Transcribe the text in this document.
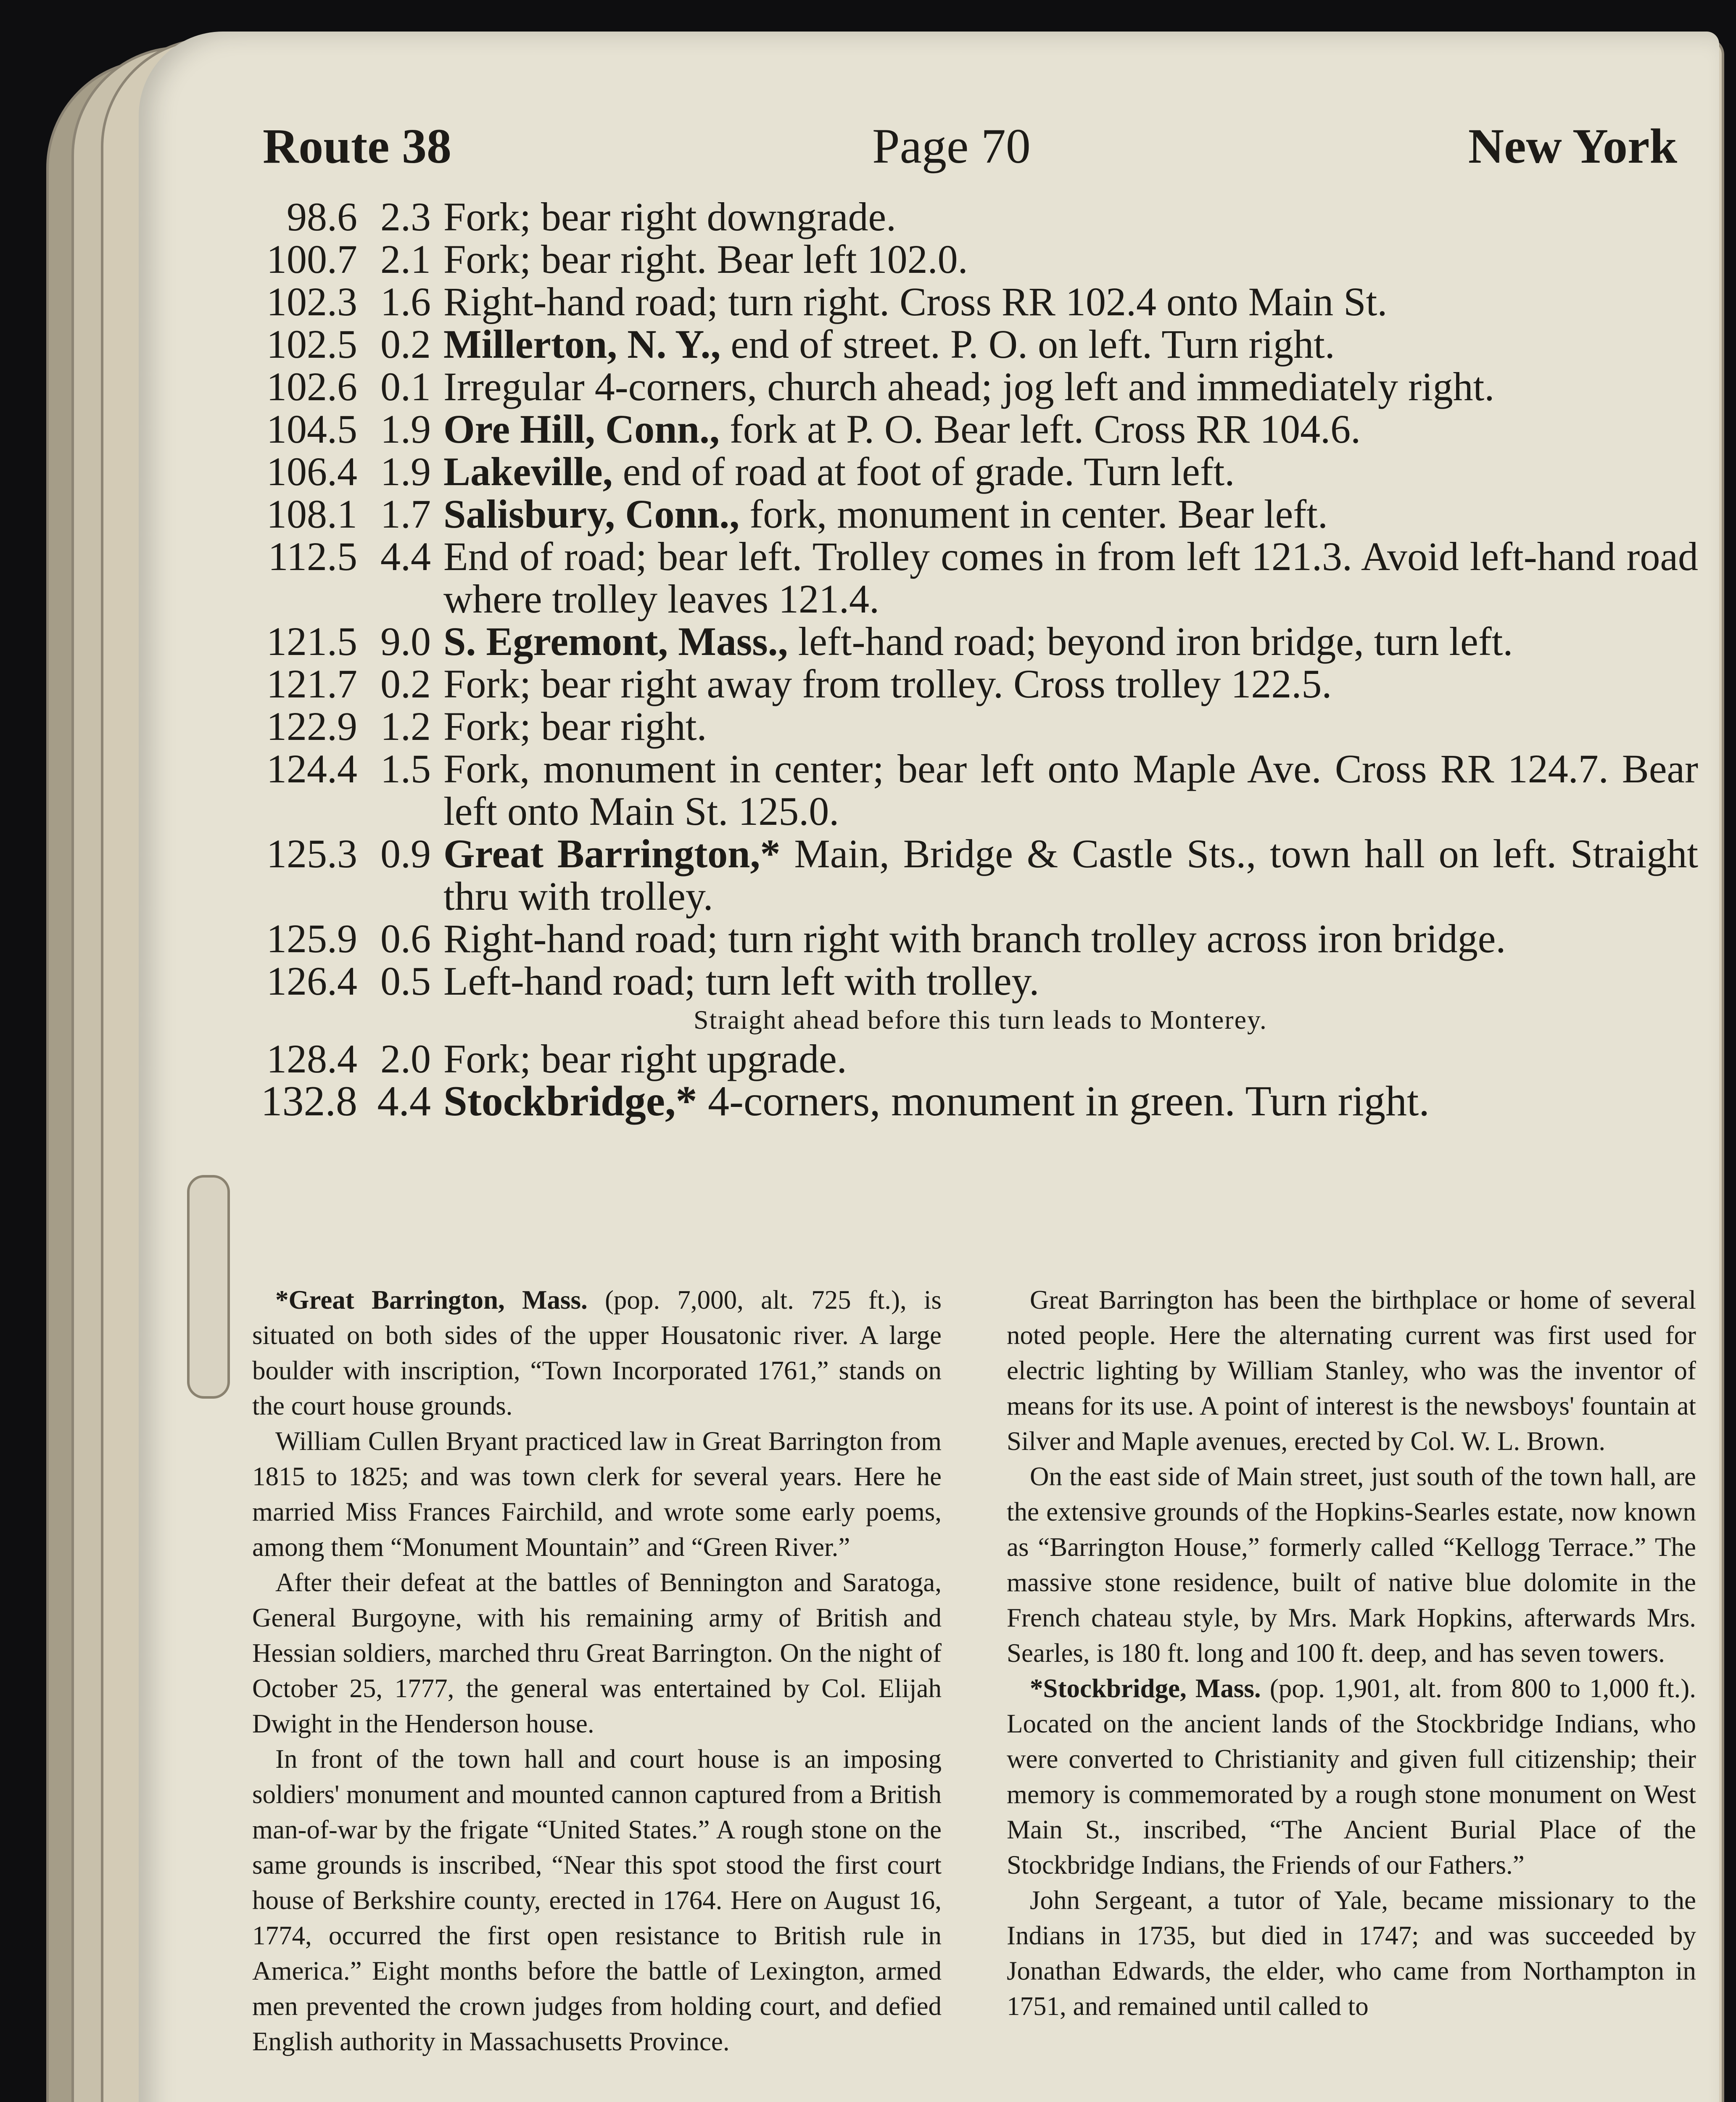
Route 38	Page 70	New York
98.6 2.3 Fork; bear right downgrade.
100.7 2.1 Fork; bear right. Bear left 102.0.
102.3 1.6 Right-hand road; turn right. Cross RR 102.4 onto Main St.
102.5 0.2 Millerton, N. Y., end of street. P. O. on left. Turn right.
102.6 0.1 Irregular 4-corners, church ahead; jog left and immediately right.
104.5 1.9 Ore Hill, Conn., fork at P. O. Bear left. Cross RR 104.6.
106.4 1.9 Lakeville, end of road at foot of grade. Turn left.
108.1 1.7 Salisbury, Conn., fork, monument in center. Bear left.
112.5 4.4 End of road; bear left. Trolley comes in from left 121.3. Avoid left-hand road where trolley leaves 121.4.
121.5 9.0 S. Egremont, Mass., left-hand road; beyond iron bridge, turn left.
121.7 0.2 Fork; bear right away from trolley. Cross trolley 122.5.
122.9 1.2 Fork; bear right.
124.4 1.5 Fork, monument in center; bear left onto Maple Ave. Cross RR 124.7. Bear left onto Main St. 125.0.
125.3 0.9 Great Barrington,* Main, Bridge & Castle Sts., town hall on left. Straight thru with trolley.
125.9 0.6 Right-hand road; turn right with branch trolley across iron bridge.
126.4 0.5 Left-hand road; turn left with trolley.
Straight ahead before this turn leads to Monterey.
128.4 2.0 Fork; bear right upgrade.
132.8 4.4 Stockbridge,* 4-corners, monument in green. Turn right.

*Great Barrington, Mass. (pop. 7,000, alt. 725 ft.), is situated on both sides of the upper Housatonic river. A large boulder with inscription, “Town Incorporated 1761,” stands on the court house grounds.

William Cullen Bryant practiced law in Great Barrington from 1815 to 1825; and was town clerk for several years. Here he married Miss Frances Fairchild, and wrote some early poems, among them “Monument Mountain” and “Green River.”

After their defeat at the battles of Bennington and Saratoga, General Burgoyne, with his remaining army of British and Hessian soldiers, marched thru Great Barrington. On the night of October 25, 1777, the general was entertained by Col. Elijah Dwight in the Henderson house.

In front of the town hall and court house is an imposing soldiers' monument and mounted cannon captured from a British man-of-war by the frigate “United States.” A rough stone on the same grounds is inscribed, “Near this spot stood the first court house of Berkshire county, erected in 1764. Here on August 16, 1774, occurred the first open resistance to British rule in America.” Eight months before the battle of Lexington, armed men prevented the crown judges from holding court, and defied English authority in Massachusetts Province.

Great Barrington has been the birthplace or home of several noted people. Here the alternating current was first used for electric lighting by William Stanley, who was the inventor of means for its use. A point of interest is the newsboys' fountain at Silver and Maple avenues, erected by Col. W. L. Brown.

On the east side of Main street, just south of the town hall, are the extensive grounds of the Hopkins-Searles estate, now known as “Barrington House,” formerly called “Kellogg Terrace.” The massive stone residence, built of native blue dolomite in the French chateau style, by Mrs. Mark Hopkins, afterwards Mrs. Searles, is 180 ft. long and 100 ft. deep, and has seven towers.

*Stockbridge, Mass. (pop. 1,901, alt. from 800 to 1,000 ft.). Located on the ancient lands of the Stockbridge Indians, who were converted to Christianity and given full citizenship; their memory is commemorated by a rough stone monument on West Main St., inscribed, “The Ancient Burial Place of the Stockbridge Indians, the Friends of our Fathers.”

John Sergeant, a tutor of Yale, became missionary to the Indians in 1735, but died in 1747; and was succeeded by Jonathan Edwards, the elder, who came from Northampton in 1751, and remained until called to
